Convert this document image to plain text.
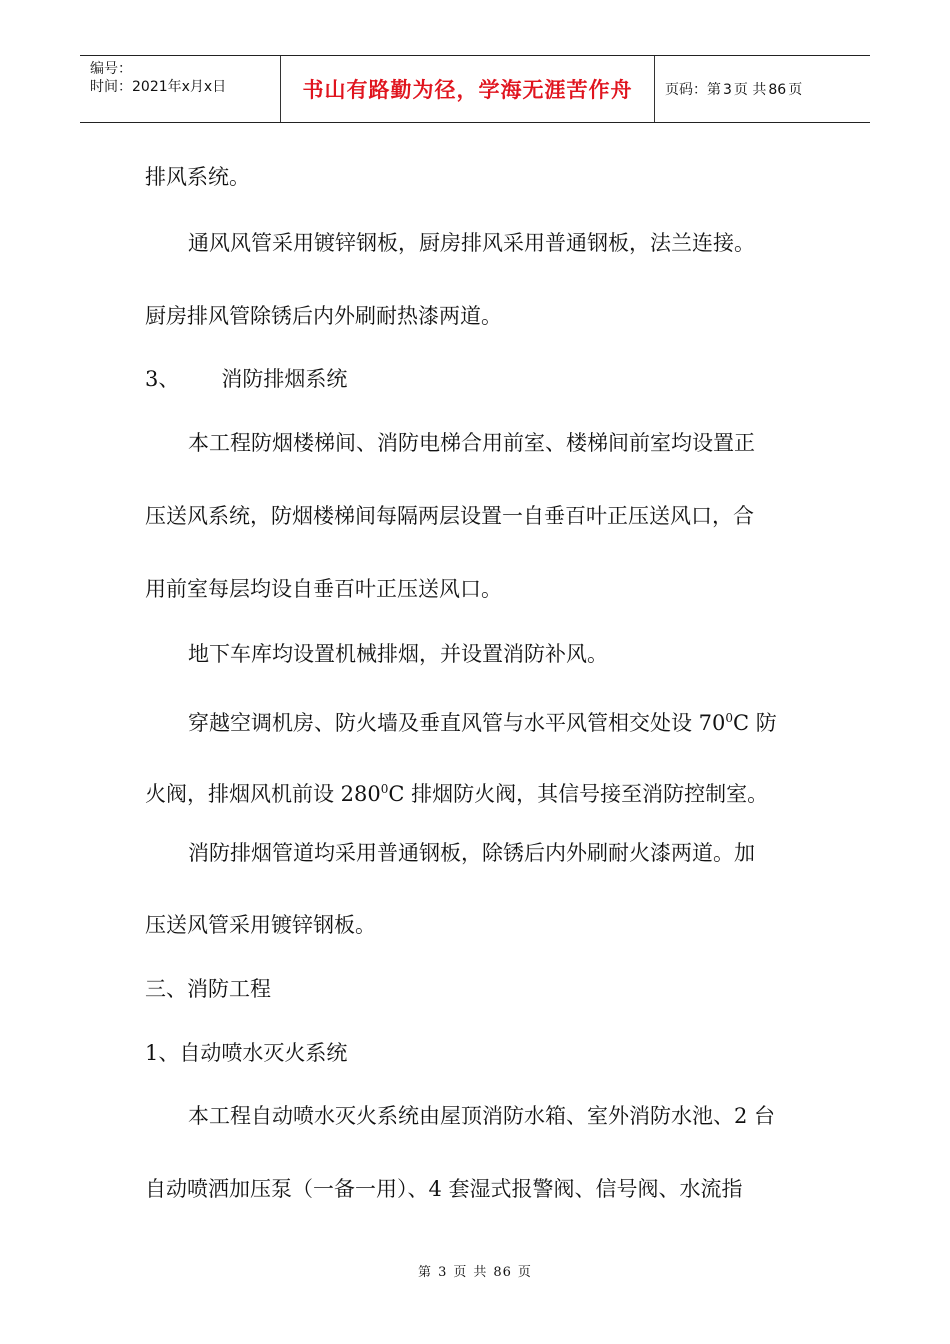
编号：
时间：2021年x月x日	书山有路勤为径，学海无涯苦作舟 页码：第 3 页 共 86 页
排风系统。
通风风管采用镀锌钢板，厨房排风采用普通钢板，法兰连接。
厨房排风管除锈后内外刷耐热漆两道。
3、 消防排烟系统
本工程防烟楼梯间、消防电梯合用前室、楼梯间前室均设置正
压送风系统，防烟楼梯间每隔两层设置一自垂百叶正压送风口，合
用前室每层均设自垂百叶正压送风口。
地下车库均设置机械排烟，并设置消防补风。
穿越空调机房、防火墙及垂直风管与水平风管相交处设 $70^0C$ 防
火阀，排烟风机前设 $280^0C$ 排烟防火阀，其信号接至消防控制室。
消防排烟管道均采用普通钢板，除锈后内外刷耐火漆两道。加
压送风管采用镀锌钢板。
三、消防工程
1、自动喷水灭火系统
本工程自动喷水灭火系统由屋顶消防水箱、室外消防水池、2 台
自动喷洒加压泵（一备一用）、4 套湿式报警阀、信号阀、水流指
第 3 页 共 86 页
